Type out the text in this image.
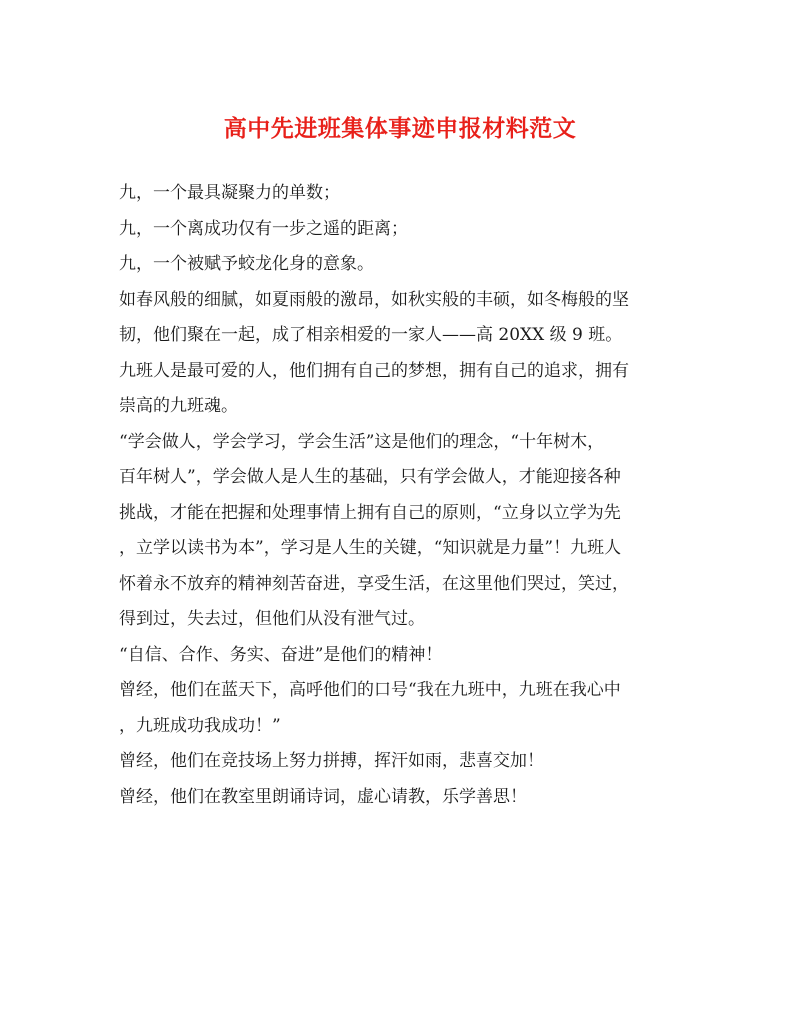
高中先进班集体事迹申报材料范文
九，一个最具凝聚力的单数；
九，一个离成功仅有一步之遥的距离；
九，一个被赋予蛟龙化身的意象。
如春风般的细腻，如夏雨般的激昂，如秋实般的丰硕，如冬梅般的坚
韧，他们聚在一起，成了相亲相爱的一家人——高 20XX 级 9 班。
九班人是最可爱的人，他们拥有自己的梦想，拥有自己的追求，拥有
崇高的九班魂。
“学会做人，学会学习，学会生活”这是他们的理念，“十年树木，
百年树人”，学会做人是人生的基础，只有学会做人，才能迎接各种
挑战，才能在把握和处理事情上拥有自己的原则，“立身以立学为先
，立学以读书为本”，学习是人生的关键，“知识就是力量”！九班人
怀着永不放弃的精神刻苦奋进，享受生活，在这里他们哭过，笑过，
得到过，失去过，但他们从没有泄气过。
“自信、合作、务实、奋进”是他们的精神！
曾经，他们在蓝天下，高呼他们的口号“我在九班中，九班在我心中
，九班成功我成功！”
曾经，他们在竞技场上努力拼搏，挥汗如雨，悲喜交加！
曾经，他们在教室里朗诵诗词，虚心请教，乐学善思！
